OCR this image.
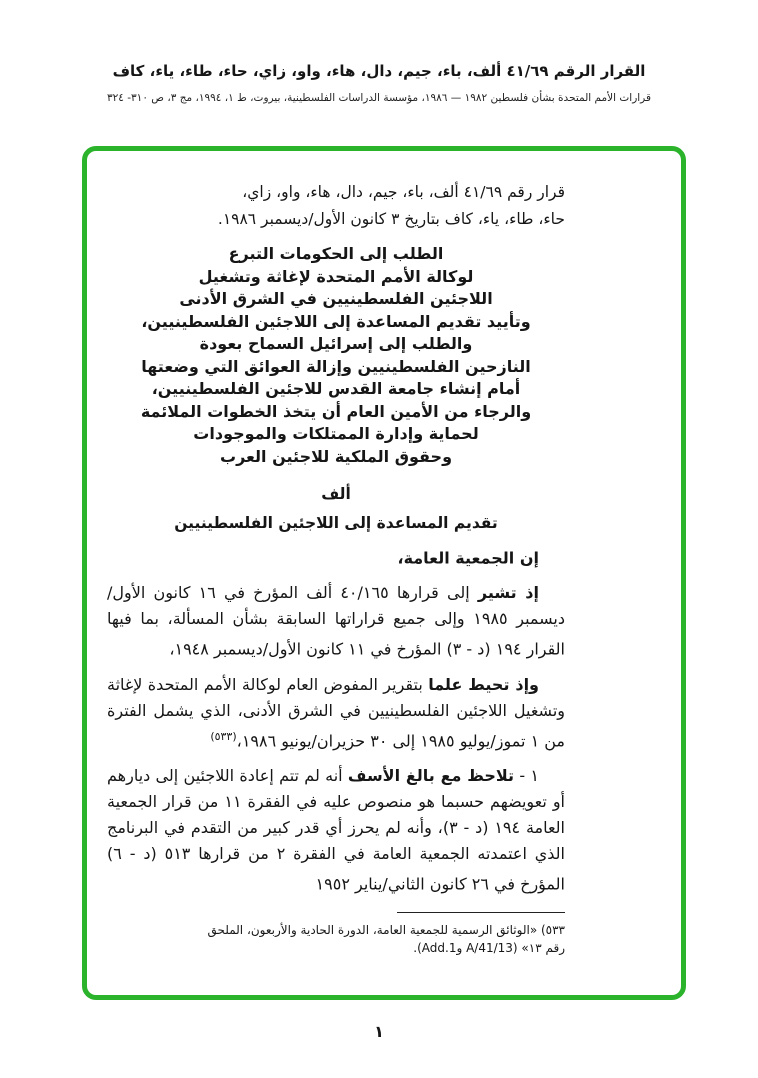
القرار الرقم ٤١/٦٩ ألف، باء، جيم، دال، هاء، واو، زاي، حاء، طاء، ياء، كاف
قرارات الأمم المتحدة بشأن فلسطين ١٩٨٢ — ١٩٨٦، مؤسسة الدراسات الفلسطينية، بيروت، ط ١، ١٩٩٤، مج ٣، ص ٣١٠- ٣٢٤
قرار رقم ٤١/٦٩ ألف، باء، جيم، دال، هاء، واو، زاي،
حاء، طاء، ياء، كاف بتاريخ ٣ كانون الأول/ديسمبر ١٩٨٦.
الطلب إلى الحكومات التبرع
لوكالة الأمم المتحدة لإغاثة وتشغيل
اللاجئين الفلسطينيين في الشرق الأدنى
وتأييد تقديم المساعدة إلى اللاجئين الفلسطينيين،
والطلب إلى إسرائيل السماح بعودة
النازحين الفلسطينيين وإزالة العوائق التي وضعتها
أمام إنشاء جامعة القدس للاجئين الفلسطينيين،
والرجاء من الأمين العام أن يتخذ الخطوات الملائمة
لحماية وإدارة الممتلكات والموجودات
وحقوق الملكية للاجئين العرب
ألف
تقديم المساعدة إلى اللاجئين الفلسطينيين

إن الجمعية العامة،

إذ تشير إلى قرارها ٤٠/١٦٥ ألف المؤرخ في ١٦ كانون الأول/ديسمبر ١٩٨٥ وإلى جميع قراراتها السابقة بشأن المسألة، بما فيها القرار ١٩٤ (د - ٣) المؤرخ في ١١ كانون الأول/ديسمبر ١٩٤٨،

وإذ تحيط علما بتقرير المفوض العام لوكالة الأمم المتحدة لإغاثة وتشغيل اللاجئين الفلسطينيين في الشرق الأدنى، الذي يشمل الفترة من ١ تموز/يوليو ١٩٨٥ إلى ٣٠ حزيران/يونيو ١٩٨٦،$^{(٥٣٣)}$

١ - تلاحظ مع بالغ الأسف أنه لم تتم إعادة اللاجئين إلى ديارهم أو تعويضهم حسبما هو منصوص عليه في الفقرة ١١ من قرار الجمعية العامة ١٩٤ (د - ٣)، وأنه لم يحرز أي قدر كبير من التقدم في البرنامج الذي اعتمدته الجمعية العامة في الفقرة ٢ من قرارها ٥١٣ (د - ٦) المؤرخ في ٢٦ كانون الثاني/يناير ١٩٥٢

٥٣٣) «الوثائق الرسمية للجمعية العامة، الدورة الحادية والأربعون، الملحق
رقم ١٣» (A/41/13 وAdd.1).
١
